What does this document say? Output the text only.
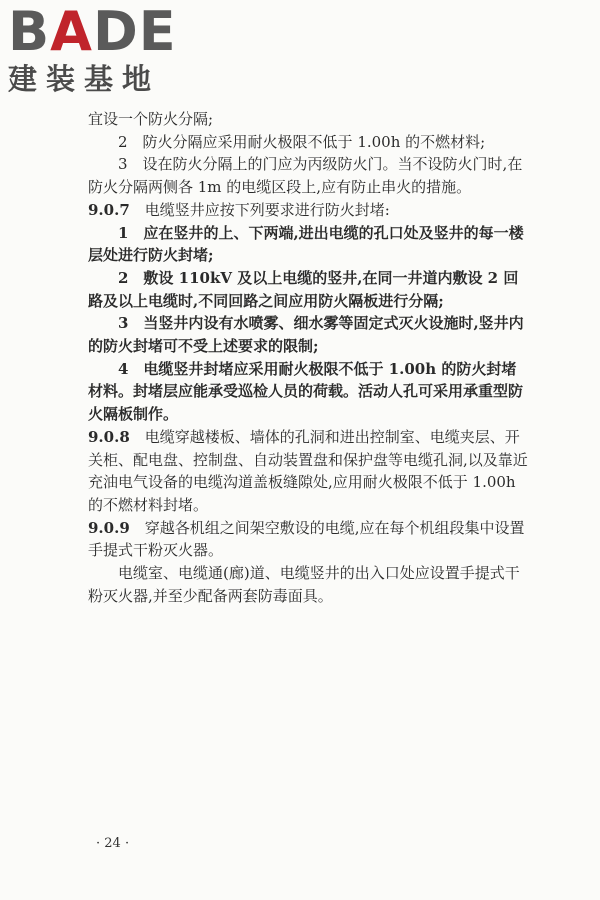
BADE
建装基地

宜设一个防火分隔;

2　防火分隔应采用耐火极限不低于 1.00h 的不燃材料;

3　设在防火分隔上的门应为丙级防火门。当不设防火门时,在防火分隔两侧各 1m 的电缆区段上,应有防止串火的措施。

9.0.7　电缆竖井应按下列要求进行防火封堵:

1　应在竖井的上、下两端,进出电缆的孔口处及竖井的每一楼层处进行防火封堵;

2　敷设 110kV 及以上电缆的竖井,在同一井道内敷设 2 回路及以上电缆时,不同回路之间应用防火隔板进行分隔;

3　当竖井内设有水喷雾、细水雾等固定式灭火设施时,竖井内的防火封堵可不受上述要求的限制;

4　电缆竖井封堵应采用耐火极限不低于 1.00h 的防火封堵材料。封堵层应能承受巡检人员的荷载。活动人孔可采用承重型防火隔板制作。

9.0.8　电缆穿越楼板、墙体的孔洞和进出控制室、电缆夹层、开关柜、配电盘、控制盘、自动装置盘和保护盘等电缆孔洞,以及靠近充油电气设备的电缆沟道盖板缝隙处,应用耐火极限不低于 1.00h 的不燃材料封堵。

9.0.9　穿越各机组之间架空敷设的电缆,应在每个机组段集中设置手提式干粉灭火器。

电缆室、电缆通(廊)道、电缆竖井的出入口处应设置手提式干粉灭火器,并至少配备两套防毒面具。

· 24 ·
